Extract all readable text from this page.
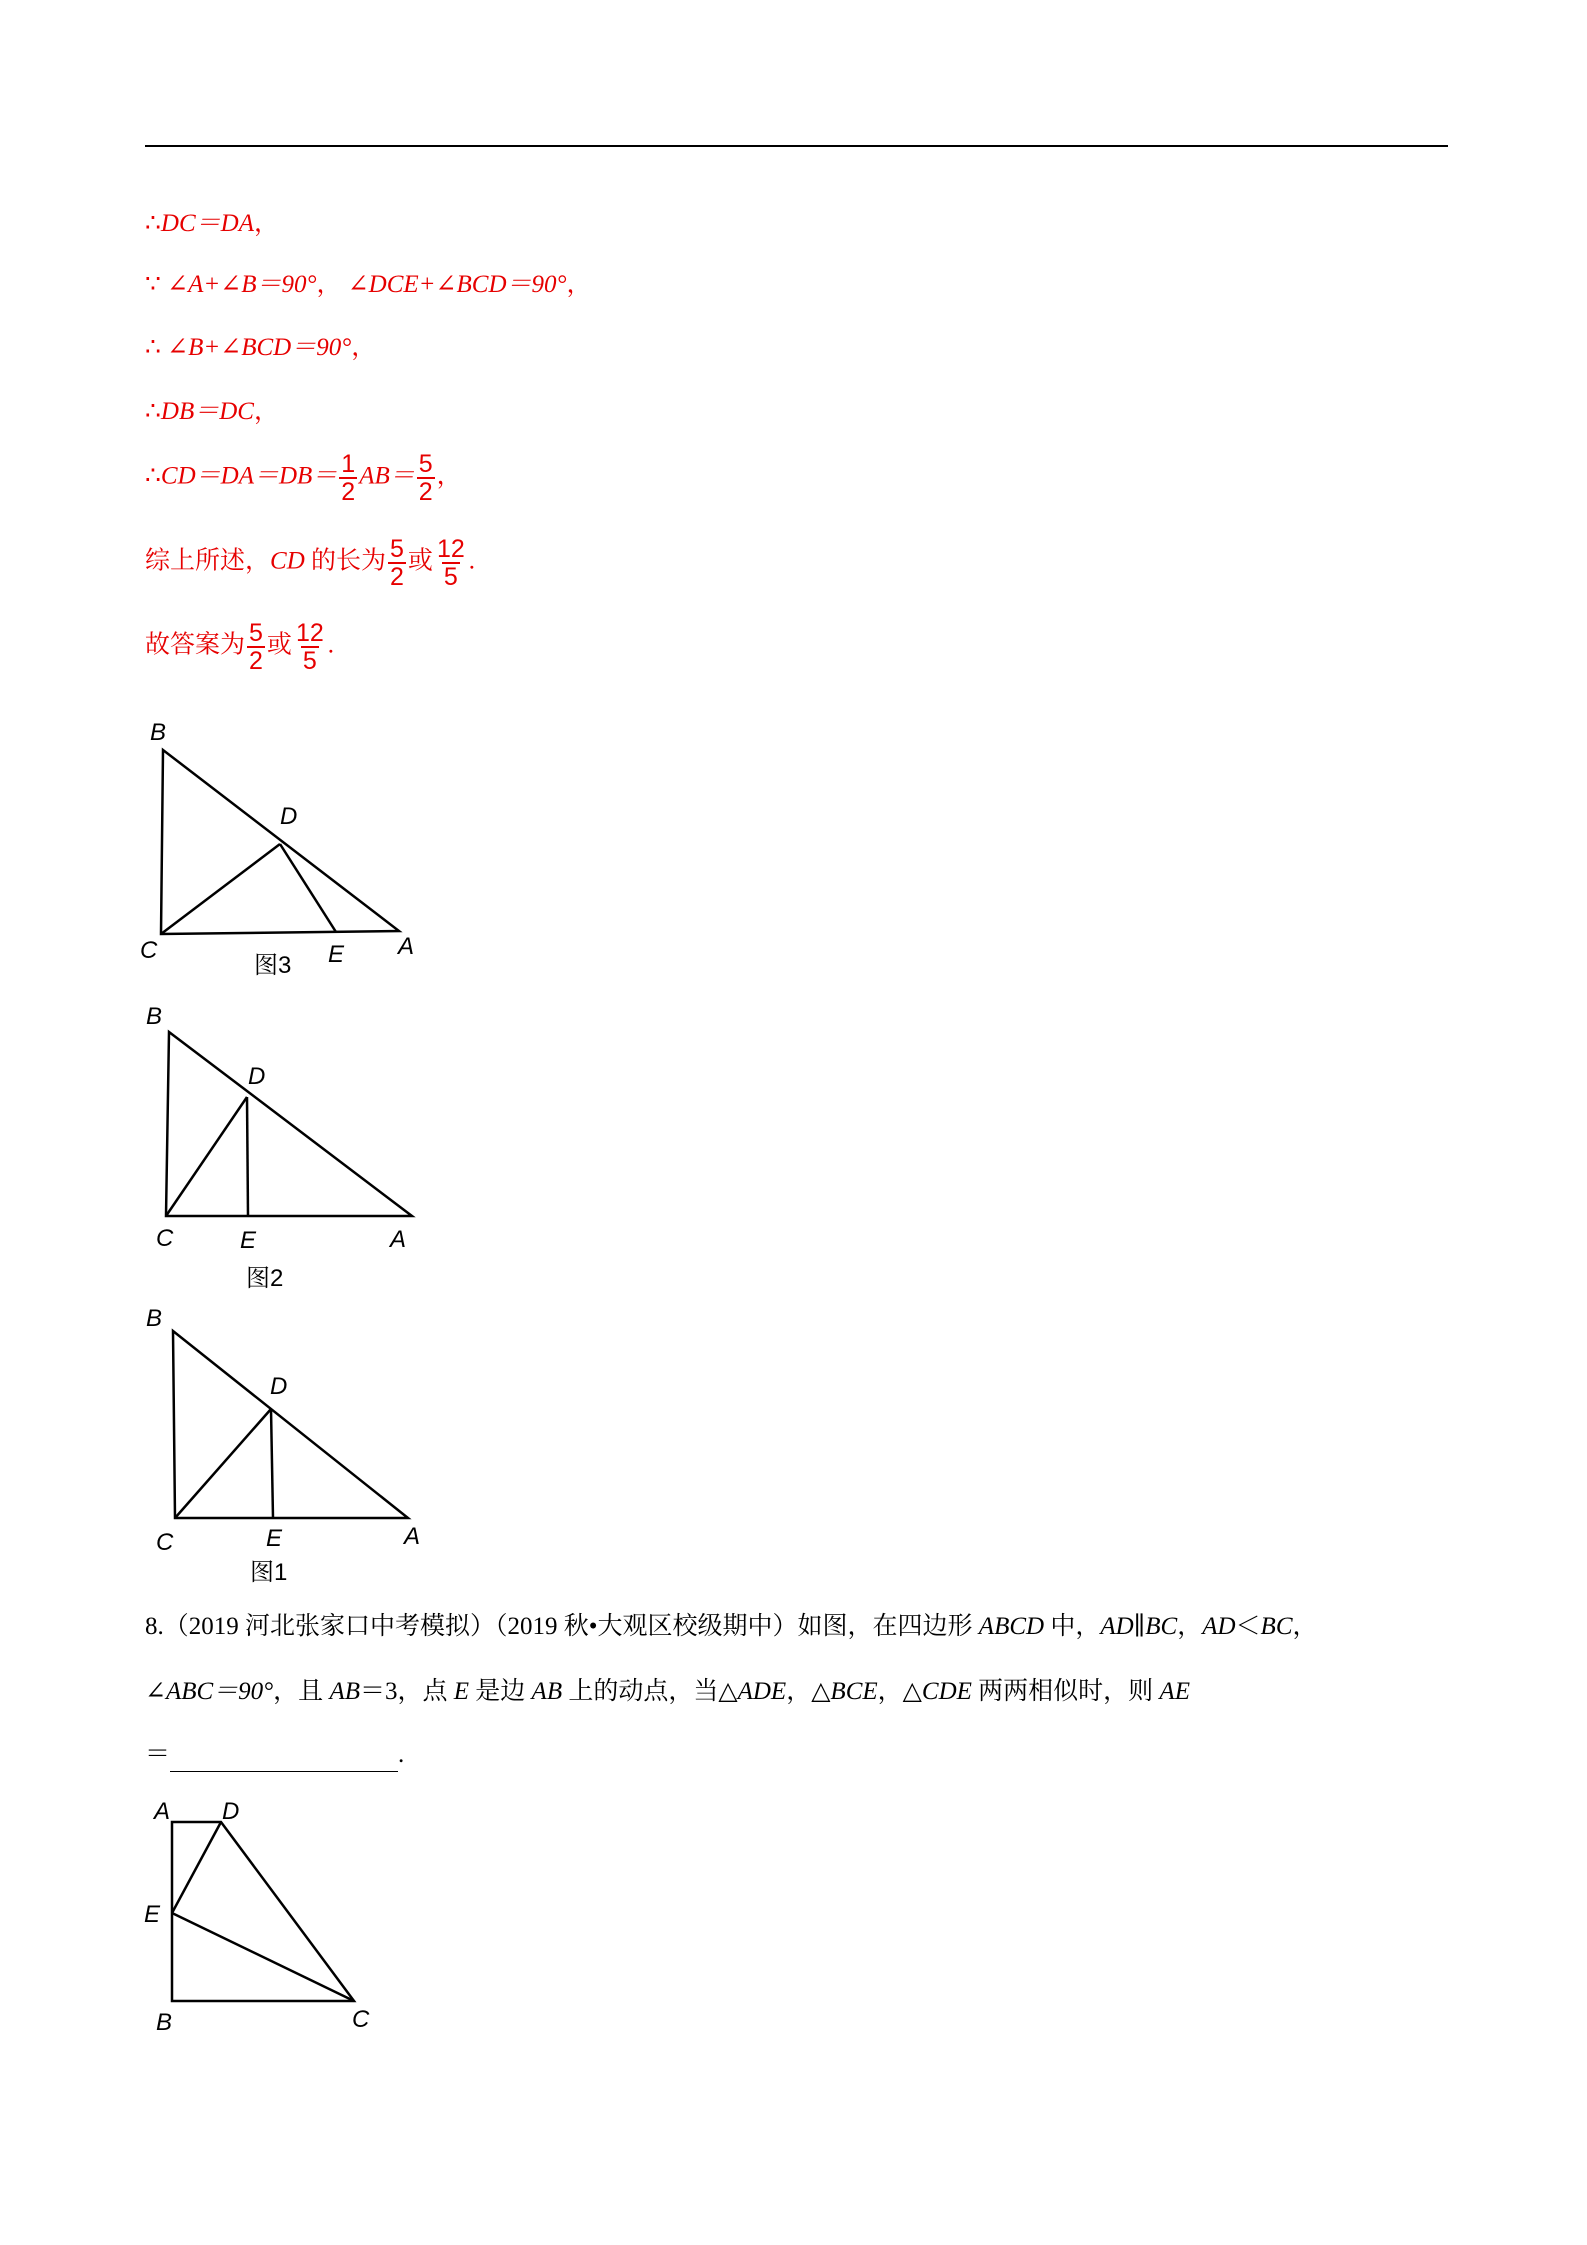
∴DC＝DA，
∵ ∠A+∠B＝90°， ∠DCE+∠BCD＝90°，
∴ ∠B+∠BCD＝90°，
∴DB＝DC，
∴CD＝DA＝DB＝ $\frac{1}{2} AB= \frac{5}{2}$ ，
综上所述，CD 的长为 $\frac{5}{2}$ 或 $\frac{12}{5}$ .
故答案为 $\frac{5}{2}$ 或 $\frac{12}{5}$ .
B
D
C	E A
图3
B
D
C	E	A
图2
B
D
C	E	A
图1
8.（2019 河北张家口中考模拟）（2019 秋•大观区校级期中）如图，在四边形 ABCD 中，AD∥BC，AD＜BC，
∠ABC＝90°，且 AB＝3，点 E 是边 AB 上的动点，当△ADE，△BCE，△CDE 两两相似时，则 AE
＝	.
A D
E
B	C
